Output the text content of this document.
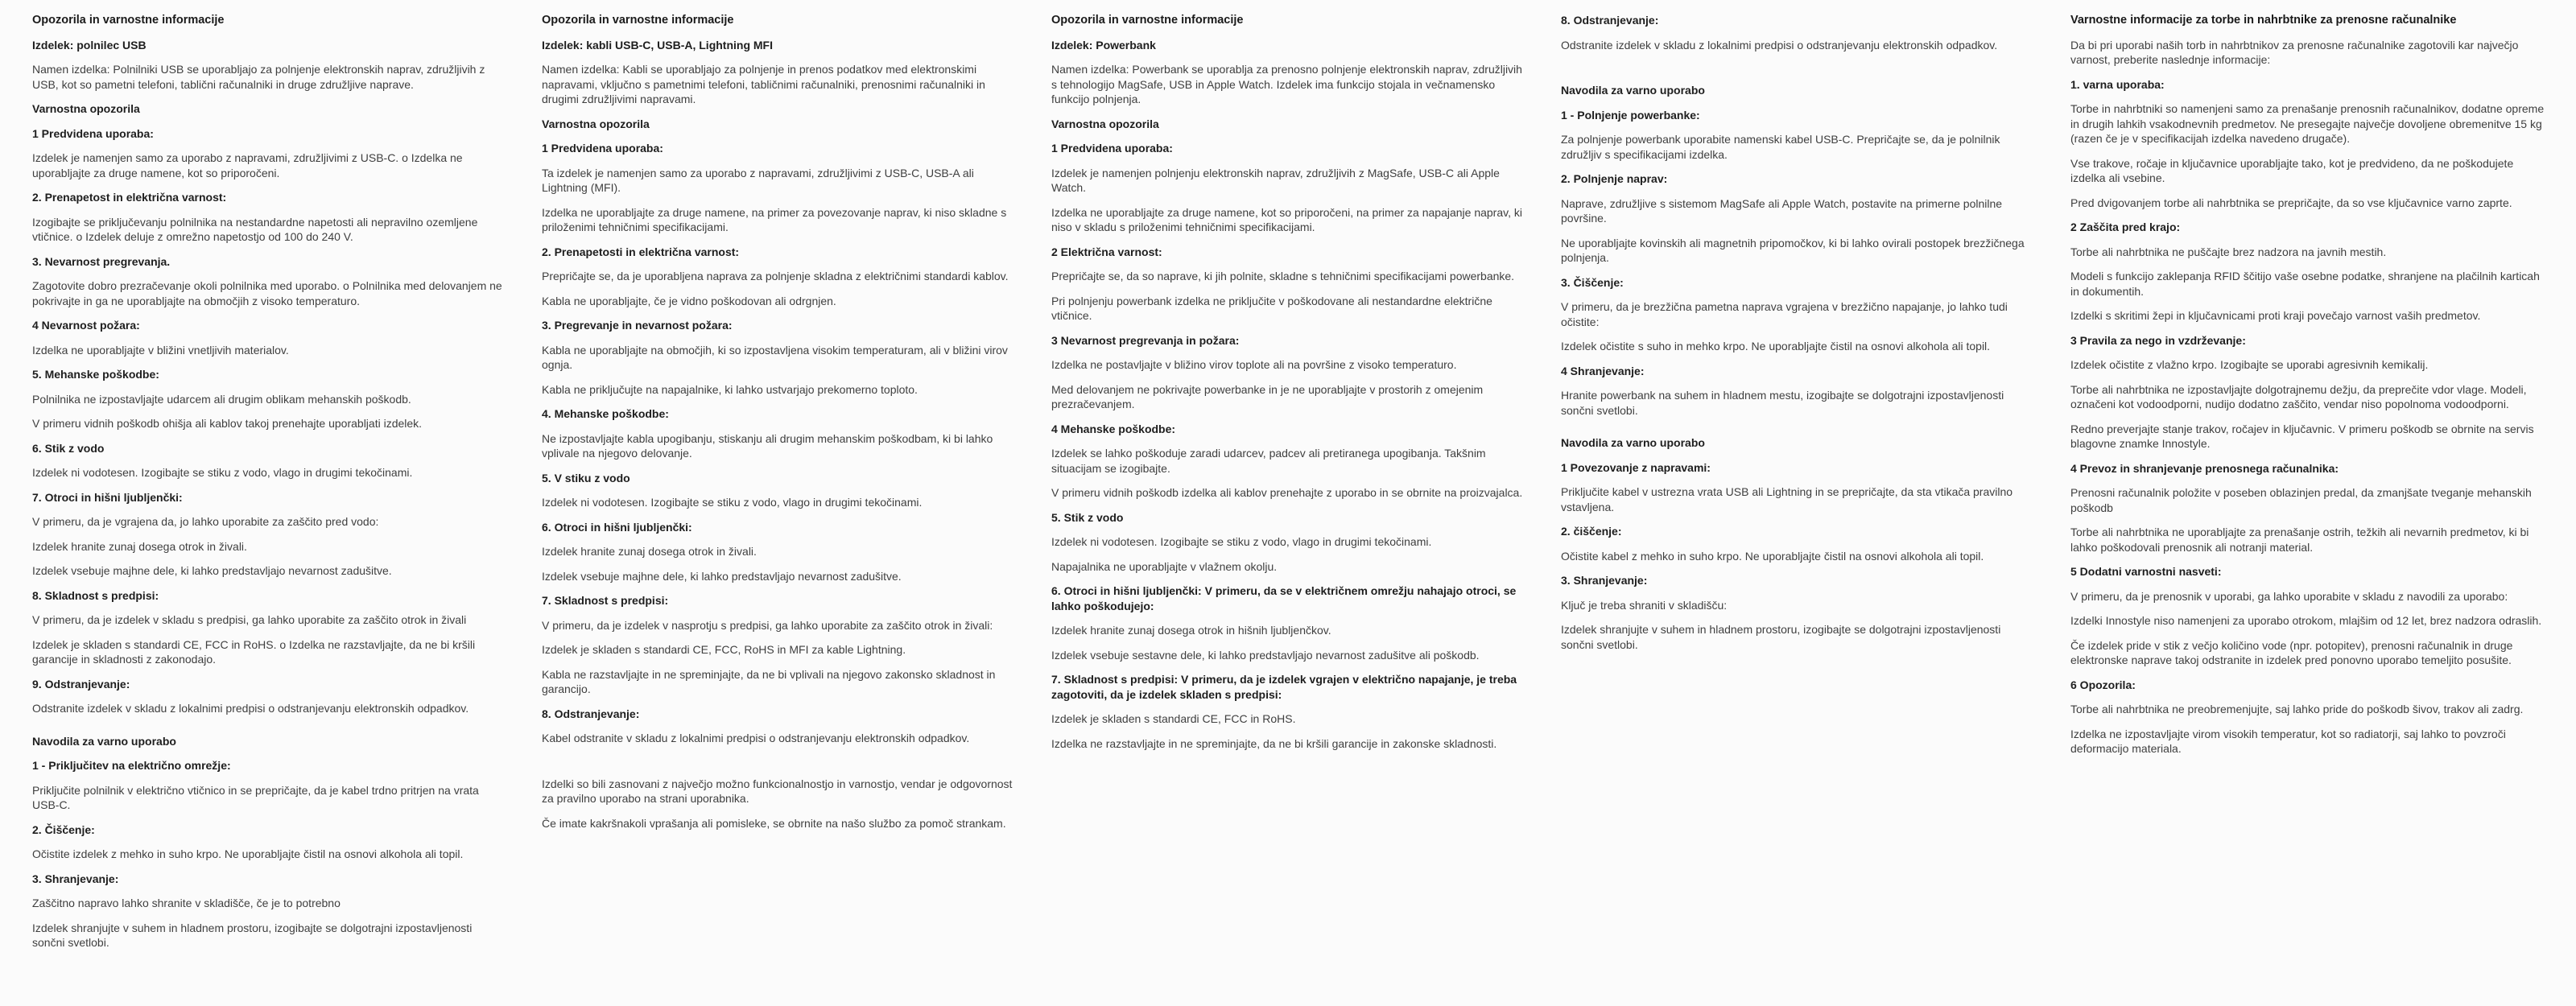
Opozorila in varnostne informacije
Izdelek: polnilec USB
Namen izdelka: Polnilniki USB se uporabljajo za polnjenje elektronskih naprav, združljivih z USB, kot so pametni telefoni, tablični računalniki in druge združljive naprave.
Varnostna opozorila
1 Predvidena uporaba:
Izdelek je namenjen samo za uporabo z napravami, združljivimi z USB-C. o Izdelka ne uporabljajte za druge namene, kot so priporočeni.
2. Prenapetost in električna varnost:
Izogibajte se priključevanju polnilnika na nestandardne napetosti ali nepravilno ozemljene vtičnice. o Izdelek deluje z omrežno napetostjo od 100 do 240 V.
3. Nevarnost pregrevanja.
Zagotovite dobro prezračevanje okoli polnilnika med uporabo. o Polnilnika med delovanjem ne pokrivajte in ga ne uporabljajte na območjih z visoko temperaturo.
4 Nevarnost požara:
Izdelka ne uporabljajte v bližini vnetljivih materialov.
5. Mehanske poškodbe:
Polnilnika ne izpostavljajte udarcem ali drugim oblikam mehanskih poškodb.
V primeru vidnih poškodb ohišja ali kablov takoj prenehajte uporabljati izdelek.
6. Stik z vodo
Izdelek ni vodotesen. Izogibajte se stiku z vodo, vlago in drugimi tekočinami.
7. Otroci in hišni ljubljenčki:
V primeru, da je vgrajena da, jo lahko uporabite za zaščito pred vodo:
Izdelek hranite zunaj dosega otrok in živali.
Izdelek vsebuje majhne dele, ki lahko predstavljajo nevarnost zadušitve.
8. Skladnost s predpisi:
V primeru, da je izdelek v skladu s predpisi, ga lahko uporabite za zaščito otrok in živali
Izdelek je skladen s standardi CE, FCC in RoHS. o Izdelka ne razstavljajte, da ne bi kršili garancije in skladnosti z zakonodajo.
9. Odstranjevanje:
Odstranite izdelek v skladu z lokalnimi predpisi o odstranjevanju elektronskih odpadkov.
Navodila za varno uporabo
1 - Priključitev na električno omrežje:
Priključite polnilnik v električno vtičnico in se prepričajte, da je kabel trdno pritrjen na vrata USB-C.
2. Čiščenje:
Očistite izdelek z mehko in suho krpo. Ne uporabljajte čistil na osnovi alkohola ali topil.
3. Shranjevanje:
Zaščitno napravo lahko shranite v skladišče, če je to potrebno
Izdelek shranjujte v suhem in hladnem prostoru, izogibajte se dolgotrajni izpostavljenosti sončni svetlobi.
Opozorila in varnostne informacije
Izdelek: kabli USB-C, USB-A, Lightning MFI
Namen izdelka: Kabli se uporabljajo za polnjenje in prenos podatkov med elektronskimi napravami, vključno s pametnimi telefoni, tabličnimi računalniki, prenosnimi računalniki in drugimi združljivimi napravami.
Varnostna opozorila
1 Predvidena uporaba:
Ta izdelek je namenjen samo za uporabo z napravami, združljivimi z USB-C, USB-A ali Lightning (MFI).
Izdelka ne uporabljajte za druge namene, na primer za povezovanje naprav, ki niso skladne s priloženimi tehničnimi specifikacijami.
2. Prenapetosti in električna varnost:
Prepričajte se, da je uporabljena naprava za polnjenje skladna z električnimi standardi kablov.
Kabla ne uporabljajte, če je vidno poškodovan ali odrgnjen.
3. Pregrevanje in nevarnost požara:
Kabla ne uporabljajte na območjih, ki so izpostavljena visokim temperaturam, ali v bližini virov ognja.
Kabla ne priključujte na napajalnike, ki lahko ustvarjajo prekomerno toploto.
4. Mehanske poškodbe:
Ne izpostavljajte kabla upogibanju, stiskanju ali drugim mehanskim poškodbam, ki bi lahko vplivale na njegovo delovanje.
5. V stiku z vodo
Izdelek ni vodotesen. Izogibajte se stiku z vodo, vlago in drugimi tekočinami.
6. Otroci in hišni ljubljenčki:
Izdelek hranite zunaj dosega otrok in živali.
Izdelek vsebuje majhne dele, ki lahko predstavljajo nevarnost zadušitve.
7. Skladnost s predpisi:
V primeru, da je izdelek v nasprotju s predpisi, ga lahko uporabite za zaščito otrok in živali:
Izdelek je skladen s standardi CE, FCC, RoHS in MFI za kable Lightning.
Kabla ne razstavljajte in ne spreminjajte, da ne bi vplivali na njegovo zakonsko skladnost in garancijo.
8. Odstranjevanje:
Kabel odstranite v skladu z lokalnimi predpisi o odstranjevanju elektronskih odpadkov.
Izdelki so bili zasnovani z največjo možno funkcionalnostjo in varnostjo, vendar je odgovornost za pravilno uporabo na strani uporabnika.
Če imate kakršnakoli vprašanja ali pomisleke, se obrnite na našo službo za pomoč strankam.
Opozorila in varnostne informacije
Izdelek: Powerbank
Namen izdelka: Powerbank se uporablja za prenosno polnjenje elektronskih naprav, združljivih s tehnologijo MagSafe, USB in Apple Watch. Izdelek ima funkcijo stojala in večnamensko funkcijo polnjenja.
Varnostna opozorila
1 Predvidena uporaba:
Izdelek je namenjen polnjenju elektronskih naprav, združljivih z MagSafe, USB-C ali Apple Watch.
Izdelka ne uporabljajte za druge namene, kot so priporočeni, na primer za napajanje naprav, ki niso v skladu s priloženimi tehničnimi specifikacijami.
2 Električna varnost:
Prepričajte se, da so naprave, ki jih polnite, skladne s tehničnimi specifikacijami powerbanke.
Pri polnjenju powerbank izdelka ne priključite v poškodovane ali nestandardne električne vtičnice.
3 Nevarnost pregrevanja in požara:
Izdelka ne postavljajte v bližino virov toplote ali na površine z visoko temperaturo.
Med delovanjem ne pokrivajte powerbanke in je ne uporabljajte v prostorih z omejenim prezračevanjem.
4 Mehanske poškodbe:
Izdelek se lahko poškoduje zaradi udarcev, padcev ali pretiranega upogibanja. Takšnim situacijam se izogibajte.
V primeru vidnih poškodb izdelka ali kablov prenehajte z uporabo in se obrnite na proizvajalca.
5. Stik z vodo
Izdelek ni vodotesen. Izogibajte se stiku z vodo, vlago in drugimi tekočinami.
Napajalnika ne uporabljajte v vlažnem okolju.
6. Otroci in hišni ljubljenčki: V primeru, da se v električnem omrežju nahajajo otroci, se lahko poškodujejo:
Izdelek hranite zunaj dosega otrok in hišnih ljubljenčkov.
Izdelek vsebuje sestavne dele, ki lahko predstavljajo nevarnost zadušitve ali poškodb.
7. Skladnost s predpisi: V primeru, da je izdelek vgrajen v električno napajanje, je treba zagotoviti, da je izdelek skladen s predpisi:
Izdelek je skladen s standardi CE, FCC in RoHS.
Izdelka ne razstavljajte in ne spreminjajte, da ne bi kršili garancije in zakonske skladnosti.
8. Odstranjevanje:
Odstranite izdelek v skladu z lokalnimi predpisi o odstranjevanju elektronskih odpadkov.
Navodila za varno uporabo
1 - Polnjenje powerbanke:
Za polnjenje powerbank uporabite namenski kabel USB-C. Prepričajte se, da je polnilnik združljiv s specifikacijami izdelka.
2. Polnjenje naprav:
Naprave, združljive s sistemom MagSafe ali Apple Watch, postavite na primerne polnilne površine.
Ne uporabljajte kovinskih ali magnetnih pripomočkov, ki bi lahko ovirali postopek brezžičnega polnjenja.
3. Čiščenje:
V primeru, da je brezžična pametna naprava vgrajena v brezžično napajanje, jo lahko tudi očistite:
Izdelek očistite s suho in mehko krpo. Ne uporabljajte čistil na osnovi alkohola ali topil.
4 Shranjevanje:
Hranite powerbank na suhem in hladnem mestu, izogibajte se dolgotrajni izpostavljenosti sončni svetlobi.
Navodila za varno uporabo
1 Povezovanje z napravami:
Priključite kabel v ustrezna vrata USB ali Lightning in se prepričajte, da sta vtikača pravilno vstavljena.
2. čiščenje:
Očistite kabel z mehko in suho krpo. Ne uporabljajte čistil na osnovi alkohola ali topil.
3. Shranjevanje:
Ključ je treba shraniti v skladišču:
Izdelek shranjujte v suhem in hladnem prostoru, izogibajte se dolgotrajni izpostavljenosti sončni svetlobi.
Varnostne informacije za torbe in nahrbtnike za prenosne računalnike
Da bi pri uporabi naših torb in nahrbtnikov za prenosne računalnike zagotovili kar največjo varnost, preberite naslednje informacije:
1. varna uporaba:
Torbe in nahrbtniki so namenjeni samo za prenašanje prenosnih računalnikov, dodatne opreme in drugih lahkih vsakodnevnih predmetov. Ne presegajte največje dovoljene obremenitve 15 kg (razen če je v specifikacijah izdelka navedeno drugače).
Vse trakove, ročaje in ključavnice uporabljajte tako, kot je predvideno, da ne poškodujete izdelka ali vsebine.
Pred dvigovanjem torbe ali nahrbtnika se prepričajte, da so vse ključavnice varno zaprte.
2 Zaščita pred krajo:
Torbe ali nahrbtnika ne puščajte brez nadzora na javnih mestih.
Modeli s funkcijo zaklepanja RFID ščitijo vaše osebne podatke, shranjene na plačilnih karticah in dokumentih.
Izdelki s skritimi žepi in ključavnicami proti kraji povečajo varnost vaših predmetov.
3 Pravila za nego in vzdrževanje:
Izdelek očistite z vlažno krpo. Izogibajte se uporabi agresivnih kemikalij.
Torbe ali nahrbtnika ne izpostavljajte dolgotrajnemu dežju, da preprečite vdor vlage. Modeli, označeni kot vodoodporni, nudijo dodatno zaščito, vendar niso popolnoma vodoodporni.
Redno preverjajte stanje trakov, ročajev in ključavnic. V primeru poškodb se obrnite na servis blagovne znamke Innostyle.
4 Prevoz in shranjevanje prenosnega računalnika:
Prenosni računalnik položite v poseben oblazinjen predal, da zmanjšate tveganje mehanskih poškodb
Torbe ali nahrbtnika ne uporabljajte za prenašanje ostrih, težkih ali nevarnih predmetov, ki bi lahko poškodovali prenosnik ali notranji material.
5 Dodatni varnostni nasveti:
V primeru, da je prenosnik v uporabi, ga lahko uporabite v skladu z navodili za uporabo:
Izdelki Innostyle niso namenjeni za uporabo otrokom, mlajšim od 12 let, brez nadzora odraslih.
Če izdelek pride v stik z večjo količino vode (npr. potopitev), prenosni računalnik in druge elektronske naprave takoj odstranite in izdelek pred ponovno uporabo temeljito posušite.
6 Opozorila:
Torbe ali nahrbtnika ne preobremenjujte, saj lahko pride do poškodb šivov, trakov ali zadrg.
Izdelka ne izpostavljajte virom visokih temperatur, kot so radiatorji, saj lahko to povzroči deformacijo materiala.
